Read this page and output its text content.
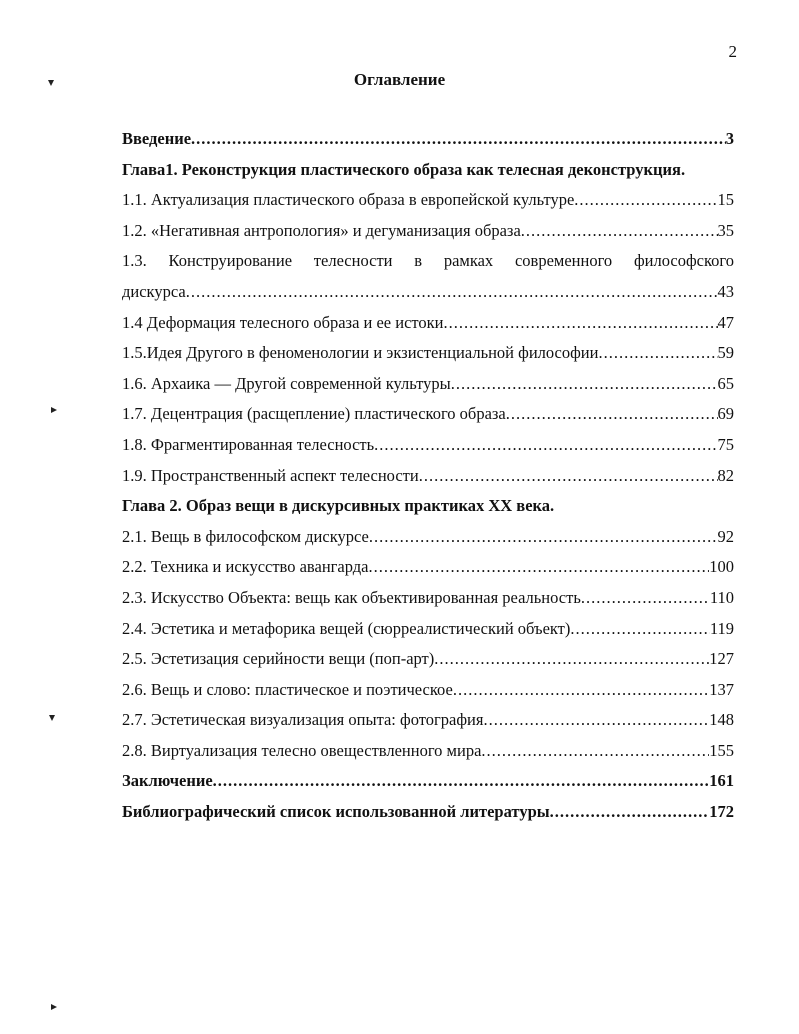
2
Оглавление
Введение .....	3
Глава1. Реконструкция пластического образа как телесная деконструкция.
1.1. Актуализация пластического образа в европейской культуре .....	15
1.2. «Негативная антропология» и дегуманизация образа .....	35
1.3. Конструирование телесности в рамках современного философского
дискурса .....	43
1.4 Деформация телесного образа и ее истоки .....	47
1.5.Идея Другого в феноменологии и экзистенциальной философии .....	59
1.6. Архаика — Другой современной культуры .....	65
1.7. Децентрация (расщепление) пластического образа .....	69
1.8. Фрагментированная телесность .....	75
1.9. Пространственный аспект телесности .....	82
Глава 2. Образ вещи в дискурсивных практиках XX века.
2.1. Вещь в философском дискурсе .....	92
2.2. Техника и искусство авангарда .....	100
2.3. Искусство Объекта: вещь как объективированная реальность .....	110
2.4. Эстетика и метафорика вещей (сюрреалистический объект) .....	119
2.5. Эстетизация серийности вещи (поп-арт) .....	127
2.6. Вещь и слово: пластическое и поэтическое .....	137
2.7. Эстетическая визуализация опыта: фотография .....	148
2.8. Виртуализация телесно овеществленного мира .....	155
Заключение .....	161
Библиографический список использованной литературы .....	172
